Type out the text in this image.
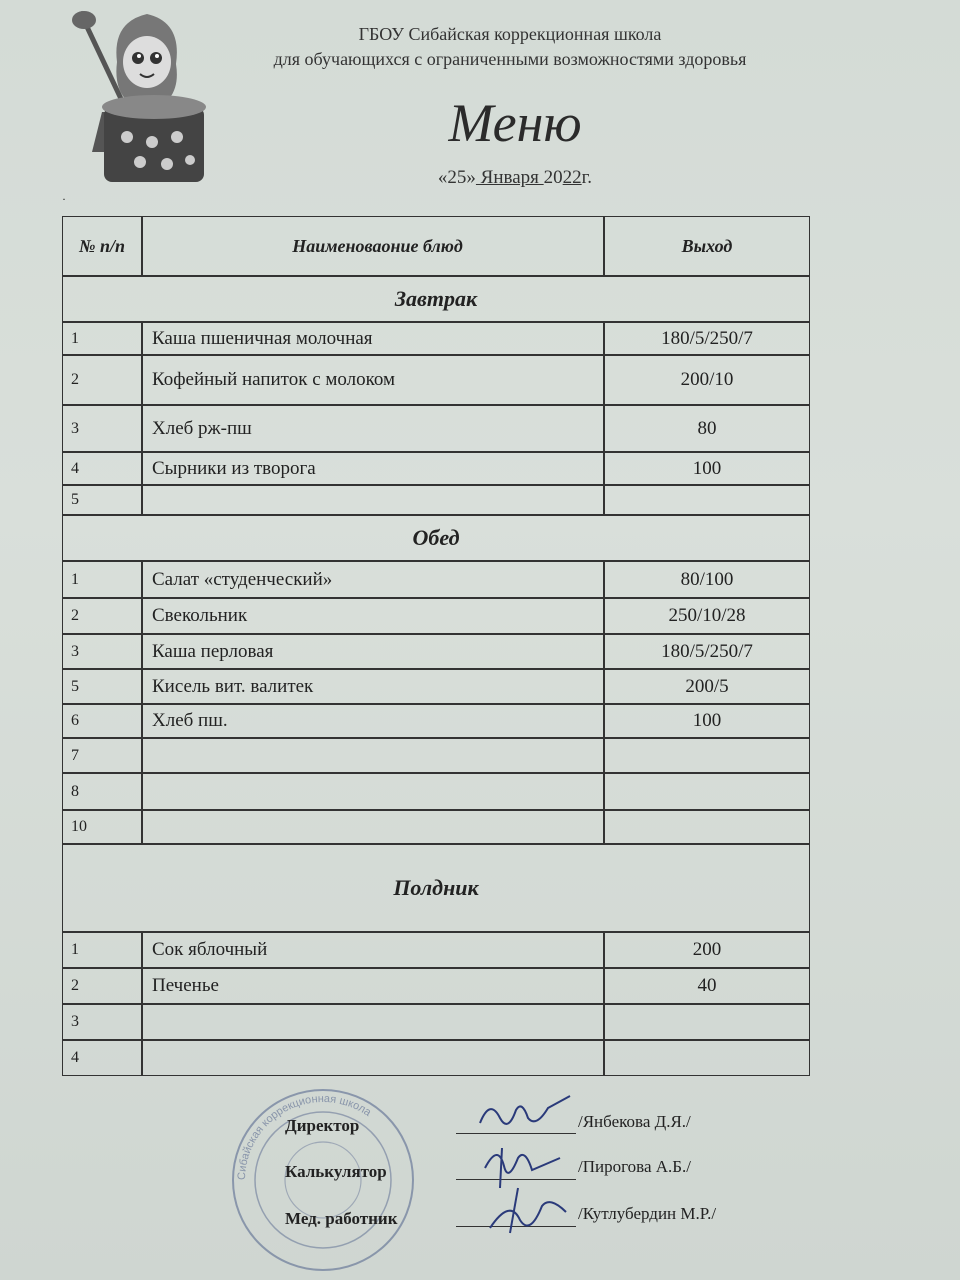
ГБОУ Сибайская коррекционная школа
для обучающихся с ограниченными возможностями здоровья
Меню
«25» Января 2022г.
·
№ п/п	Наименоваоние блюд	Выход
Завтрак
1	Каша пшеничная молочная	180/5/250/7
2	Кофейный напиток с молоком	200/10
3	Хлеб рж-пш	80
4	Сырники из творога	100
5
Обед
1	Салат «студенческий»	80/100
2	Свекольник	250/10/28
3	Каша перловая	180/5/250/7
5	Кисель вит. валитек	200/5
6	Хлеб пш.	100
7
8
10
Полдник
1	Сок яблочный	200
2	Печенье	40
3
4
Сибайская коррекционная школа
Директор	/Янбекова Д.Я./
Калькулятор	/Пирогова А.Б./
Мед. работник	/Кутлубердин М.Р./
